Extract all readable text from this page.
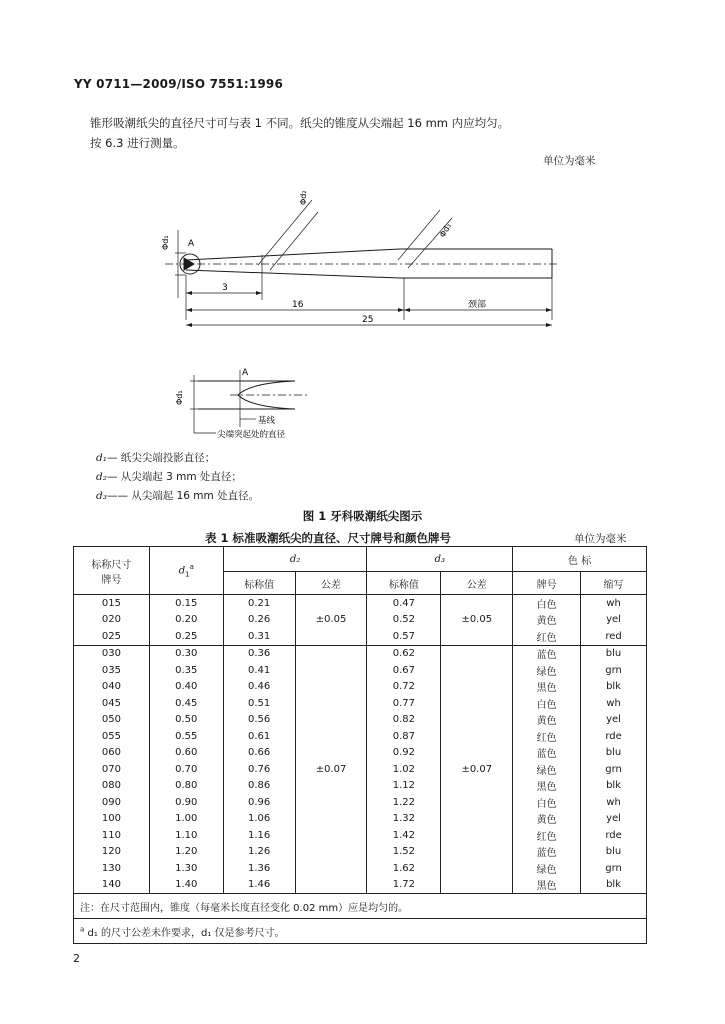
YY 0711—2009/ISO 7551:1996
锥形吸潮纸尖的直径尺寸可与表 1 不同。纸尖的锥度从尖端起 16 mm 内应均匀。
按 6.3 进行测量。
单位为毫米
A
Φd₁
Φd₂
Φd₃
3
16	颈部
25
A
Φd₁
基线
尖端突起处的直径
d₁— 纸尖尖端投影直径；
d₂— 从尖端起 3 mm 处直径；
d₃—— 从尖端起 16 mm 处直径。
图 1 牙科吸潮纸尖图示
表 1 标准吸潮纸尖的直径、尺寸牌号和颜色牌号	单位为毫米
标称尺寸
牌号	$d_1^a$	d₂		d₃		色 标	
		标称值	公差	标称值	公差	牌号	缩写
015	0.15	0.21	±0.05	0.47	±0.05	白色	wh
020	0.20	0.26		0.52		黄色	yel
025	0.25	0.31		0.57		红色	red
030	0.30	0.36	±0.07	0.62	±0.07	蓝色	blu
035	0.35	0.41		0.67		绿色	grn
040	0.40	0.46		0.72		黑色	blk
045	0.45	0.51		0.77		白色	wh
050	0.50	0.56		0.82		黄色	yel
055	0.55	0.61		0.87		红色	rde
060	0.60	0.66		0.92		蓝色	blu
070	0.70	0.76		1.02		绿色	grn
080	0.80	0.86		1.12		黑色	blk
090	0.90	0.96		1.22		白色	wh
100	1.00	1.06		1.32		黄色	yel
110	1.10	1.16		1.42		红色	rde
120	1.20	1.26		1.52		蓝色	blu
130	1.30	1.36		1.62		绿色	grn
140	1.40	1.46		1.72		黑色	blk
注：在尺寸范围内，锥度（每毫米长度直径变化 0.02 mm）应是均匀的。							
$^a$ d₁ 的尺寸公差未作要求，d₁ 仅是参考尺寸。							
2
